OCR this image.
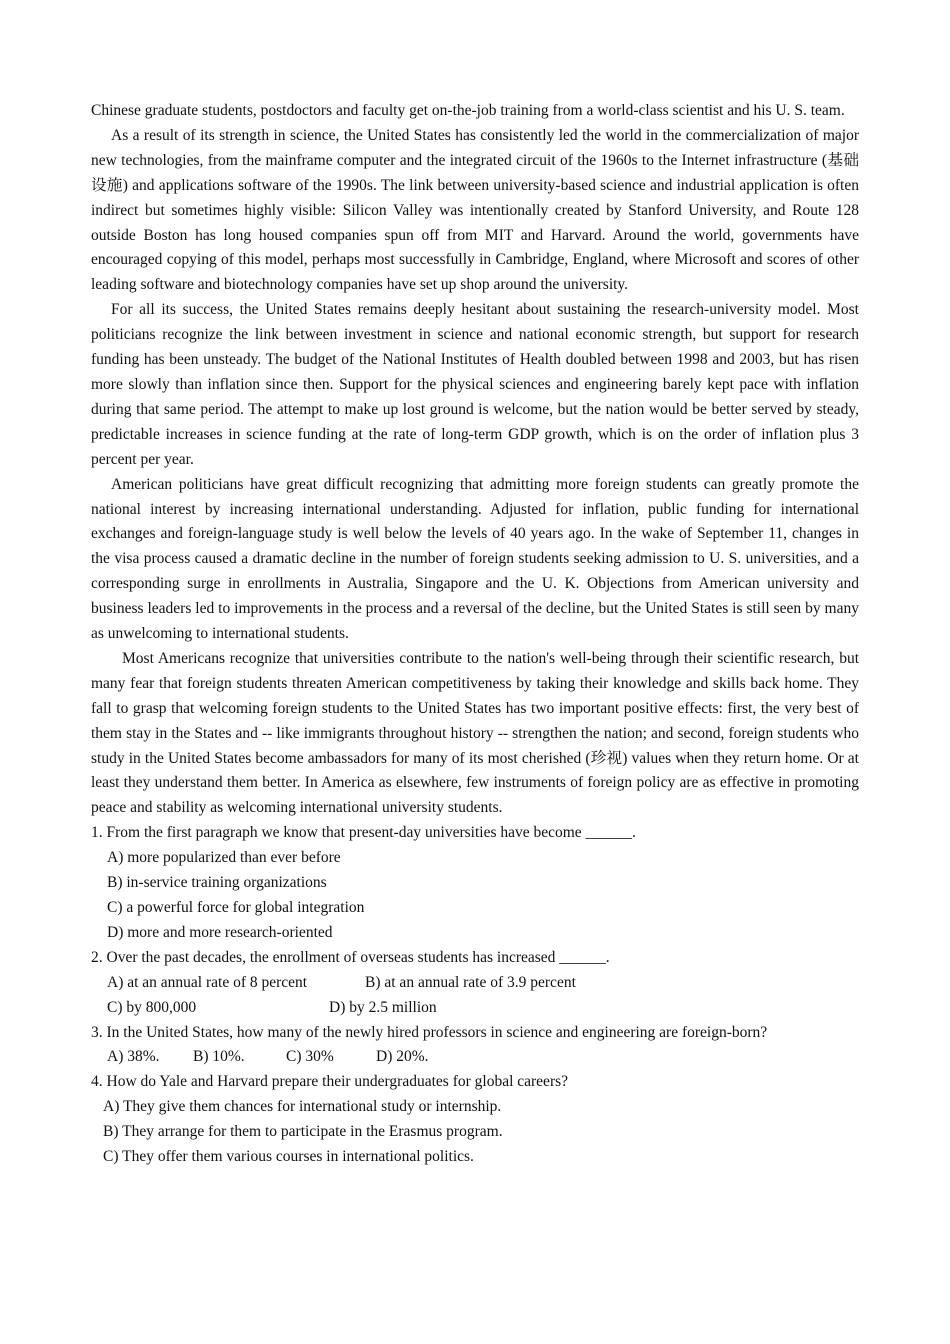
Chinese graduate students, postdoctors and faculty get on-the-job training from a world-class scientist and his U. S. team.

As a result of its strength in science, the United States has consistently led the world in the commercialization of major new technologies, from the mainframe computer and the integrated circuit of the 1960s to the Internet infrastructure (基础设施) and applications software of the 1990s. The link between university-based science and industrial application is often indirect but sometimes highly visible: Silicon Valley was intentionally created by Stanford University, and Route 128 outside Boston has long housed companies spun off from MIT and Harvard. Around the world, governments have encouraged copying of this model, perhaps most successfully in Cambridge, England, where Microsoft and scores of other leading software and biotechnology companies have set up shop around the university.

For all its success, the United States remains deeply hesitant about sustaining the research-university model. Most politicians recognize the link between investment in science and national economic strength, but support for research funding has been unsteady. The budget of the National Institutes of Health doubled between 1998 and 2003, but has risen more slowly than inflation since then. Support for the physical sciences and engineering barely kept pace with inflation during that same period. The attempt to make up lost ground is welcome, but the nation would be better served by steady, predictable increases in science funding at the rate of long-term GDP growth, which is on the order of inflation plus 3 percent per year.

American politicians have great difficult recognizing that admitting more foreign students can greatly promote the national interest by increasing international understanding. Adjusted for inflation, public funding for international exchanges and foreign-language study is well below the levels of 40 years ago. In the wake of September 11, changes in the visa process caused a dramatic decline in the number of foreign students seeking admission to U. S. universities, and a corresponding surge in enrollments in Australia, Singapore and the U. K. Objections from American university and business leaders led to improvements in the process and a reversal of the decline, but the United States is still seen by many as unwelcoming to international students.

Most Americans recognize that universities contribute to the nation's well-being through their scientific research, but many fear that foreign students threaten American competitiveness by taking their knowledge and skills back home. They fall to grasp that welcoming foreign students to the United States has two important positive effects: first, the very best of them stay in the States and -- like immigrants throughout history -- strengthen the nation; and second, foreign students who study in the United States become ambassadors for many of its most cherished (珍视) values when they return home. Or at least they understand them better. In America as elsewhere, few instruments of foreign policy are as effective in promoting peace and stability as welcoming international university students.

1. From the first paragraph we know that present-day universities have become ______.

A) more popularized than ever before

B) in-service training organizations

C) a powerful force for global integration

D) more and more research-oriented

2. Over the past decades, the enrollment of overseas students has increased ______.

A) at an annual rate of 8 percent	B) at an annual rate of 3.9 percent

C) by 800,000	D) by 2.5 million

3. In the United States, how many of the newly hired professors in science and engineering are foreign-born?

A) 38%. B) 10%.	C) 30%	D) 20%.

4. How do Yale and Harvard prepare their undergraduates for global careers?

A) They give them chances for international study or internship.

B) They arrange for them to participate in the Erasmus program.

C) They offer them various courses in international politics.
